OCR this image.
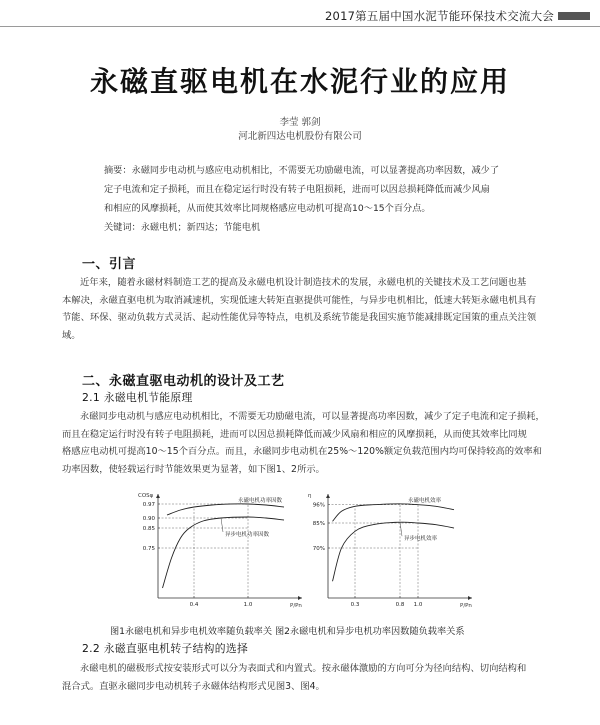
2017第五届中国水泥节能环保技术交流大会
永磁直驱电机在水泥行业的应用
李莹 郭剑
河北新四达电机股份有限公司

摘要：永磁同步电动机与感应电动机相比，不需要无功励磁电流，可以显著提高功率因数，减少了

定子电流和定子损耗，而且在稳定运行时没有转子电阻损耗，进而可以因总损耗降低而减少风扇

和相应的风摩损耗，从而使其效率比同规格感应电动机可提高10～15个百分点。

关键词：永磁电机；新四达；节能电机

一、引言

近年来，随着永磁材料制造工艺的提高及永磁电机设计制造技术的发展，永磁电机的关键技术及工艺问题也基

本解决，永磁直驱电机为取消减速机，实现低速大转矩直驱提供可能性，与异步电机相比，低速大转矩永磁电机具有

节能、环保、驱动负载方式灵活、起动性能优异等特点，电机及系统节能是我国实施节能减排既定国策的重点关注领

域。

二、永磁直驱电动机的设计及工艺
2.1 永磁电机节能原理

永磁同步电动机与感应电动机相比，不需要无功励磁电流，可以显著提高功率因数，减少了定子电流和定子损耗，

而且在稳定运行时没有转子电阻损耗，进而可以因总损耗降低而减少风扇和相应的风摩损耗，从而使其效率比同规

格感应电动机可提高10～15个百分点。而且，永磁同步电动机在25%～120%额定负载范围内均可保持较高的效率和

功率因数，使轻载运行时节能效果更为显著，如下图1、2所示。

COSφ
P/Pn
0.97
0.90
0.85
0.75
0.4	1.0
永磁电机功率因数
异步电机功率因数
η
P/Pn
96%
85%
70%
0.3	0.8 1.0
永磁电机效率
异步电机效率
图1永磁电机和异步电机效率随负载率关 图2永磁电机和异步电机功率因数随负载率关系
2.2 永磁直驱电机转子结构的选择

永磁电机的磁极形式按安装形式可以分为表面式和内置式。按永磁体激励的方向可分为径向结构、切向结构和

混合式。直驱永磁同步电动机转子永磁体结构形式见图3、图4。
